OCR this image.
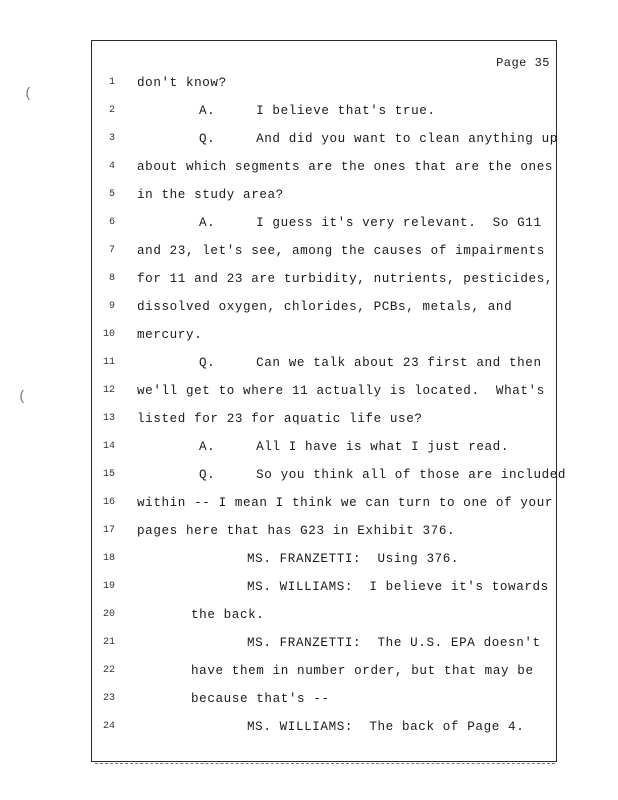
Page 35
1 don't know?
2	A.     I believe that's true.
3	Q.     And did you want to clean anything up
4 about which segments are the ones that are the ones
5 in the study area?
6	A.     I guess it's very relevant.  So G11
7 and 23, let's see, among the causes of impairments
8 for 11 and 23 are turbidity, nutrients, pesticides,
9 dissolved oxygen, chlorides, PCBs, metals, and
10 mercury.
11	Q.     Can we talk about 23 first and then
12 we'll get to where 11 actually is located.  What's
13 listed for 23 for aquatic life use?
14	A.     All I have is what I just read.
15	Q.     So you think all of those are included
16 within -- I mean I think we can turn to one of your
17 pages here that has G23 in Exhibit 376.
18	MS. FRANZETTI:  Using 376.
19	MS. WILLIAMS:  I believe it's towards
20	the back.
21	MS. FRANZETTI:  The U.S. EPA doesn't
22	have them in number order, but that may be
23	because that's --
24	MS. WILLIAMS:  The back of Page 4.
(
(
